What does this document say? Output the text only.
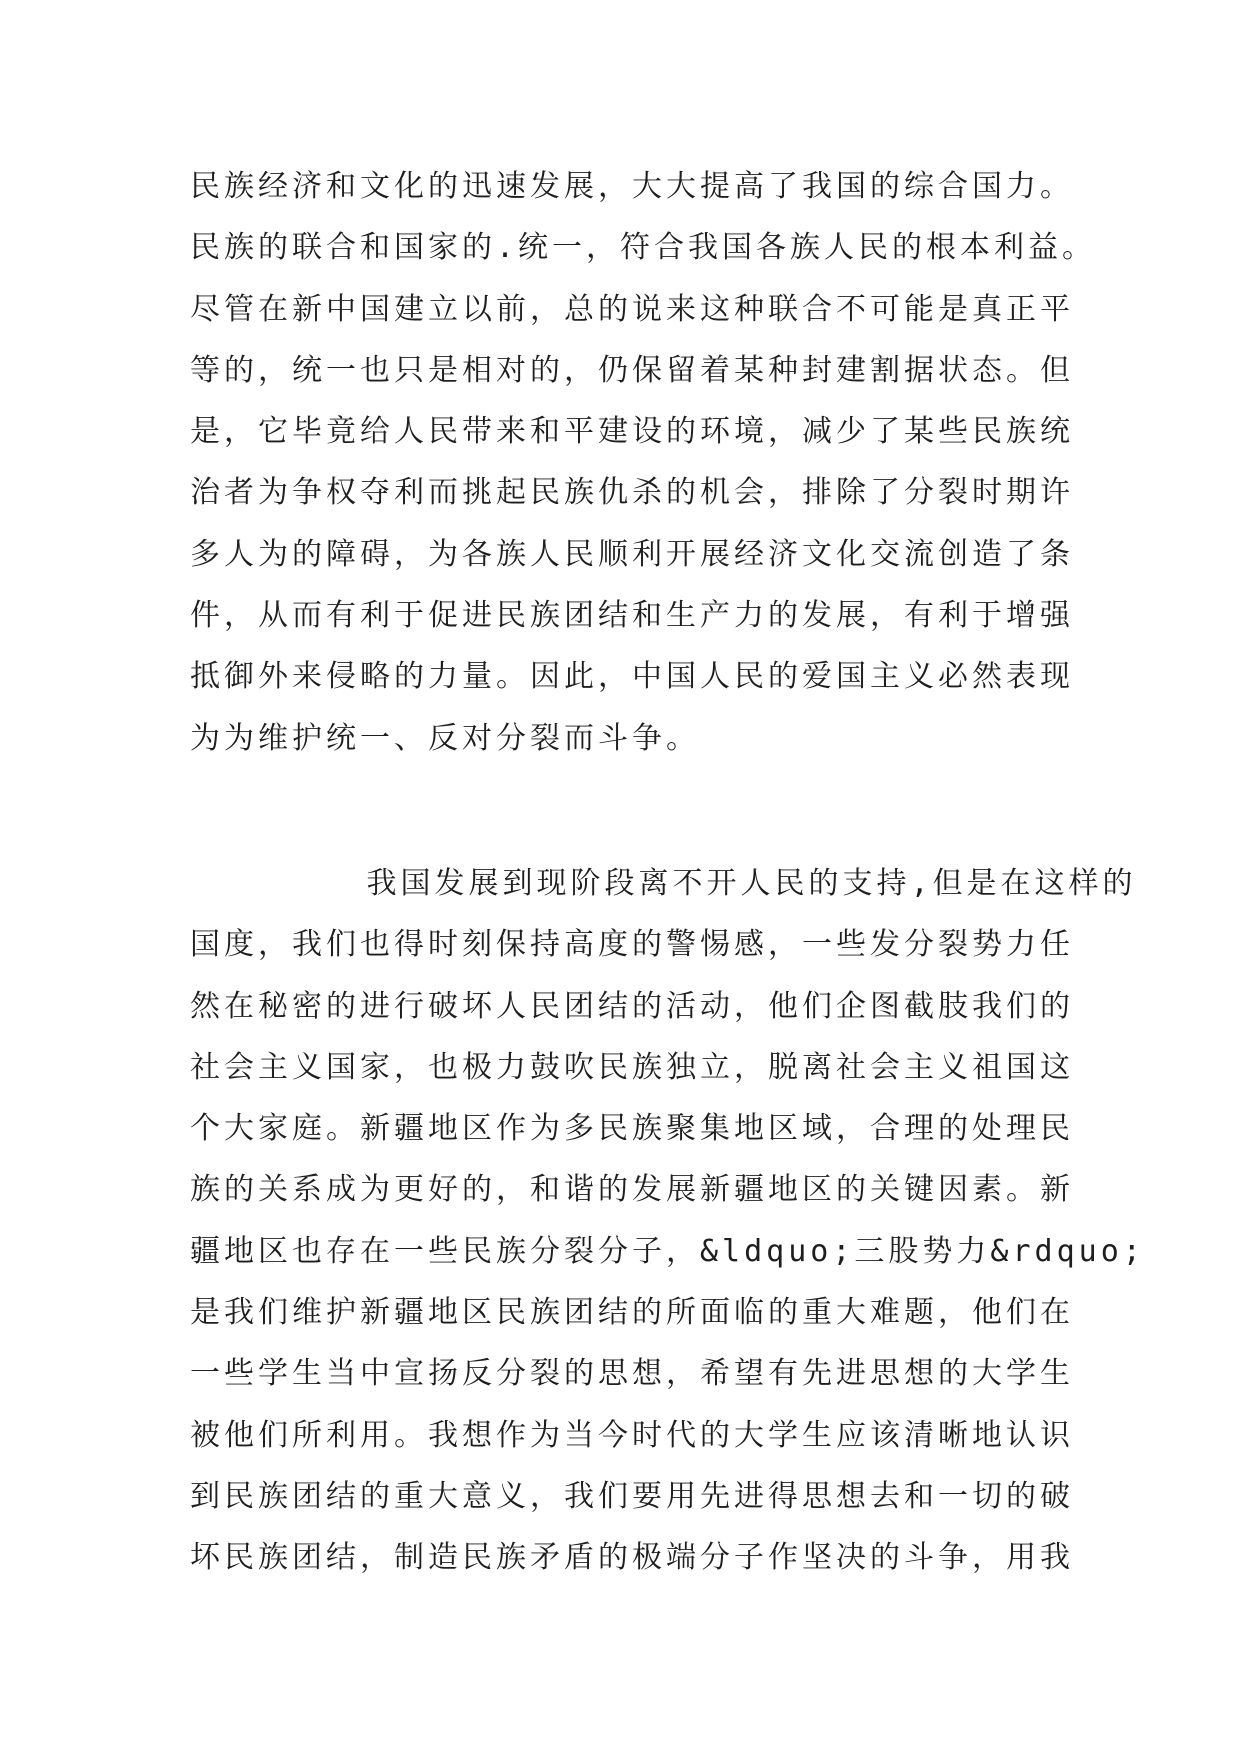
民族经济和文化的迅速发展，大大提高了我国的综合国力。

民族的联合和国家的.统一，符合我国各族人民的根本利益。

尽管在新中国建立以前，总的说来这种联合不可能是真正平

等的，统一也只是相对的，仍保留着某种封建割据状态。但

是，它毕竟给人民带来和平建设的环境，减少了某些民族统

治者为争权夺利而挑起民族仇杀的机会，排除了分裂时期许

多人为的障碍，为各族人民顺利开展经济文化交流创造了条

件，从而有利于促进民族团结和生产力的发展，有利于增强

抵御外来侵略的力量。因此，中国人民的爱国主义必然表现

为为维护统一、反对分裂而斗争。

我国发展到现阶段离不开人民的支持,但是在这样的

国度，我们也得时刻保持高度的警惕感，一些发分裂势力任

然在秘密的进行破坏人民团结的活动，他们企图截肢我们的

社会主义国家，也极力鼓吹民族独立，脱离社会主义祖国这

个大家庭。新疆地区作为多民族聚集地区域，合理的处理民

族的关系成为更好的，和谐的发展新疆地区的关键因素。新

疆地区也存在一些民族分裂分子，&ldquo;三股势力&rdquo;

是我们维护新疆地区民族团结的所面临的重大难题，他们在

一些学生当中宣扬反分裂的思想，希望有先进思想的大学生

被他们所利用。我想作为当今时代的大学生应该清晰地认识

到民族团结的重大意义，我们要用先进得思想去和一切的破

坏民族团结，制造民族矛盾的极端分子作坚决的斗争，用我
